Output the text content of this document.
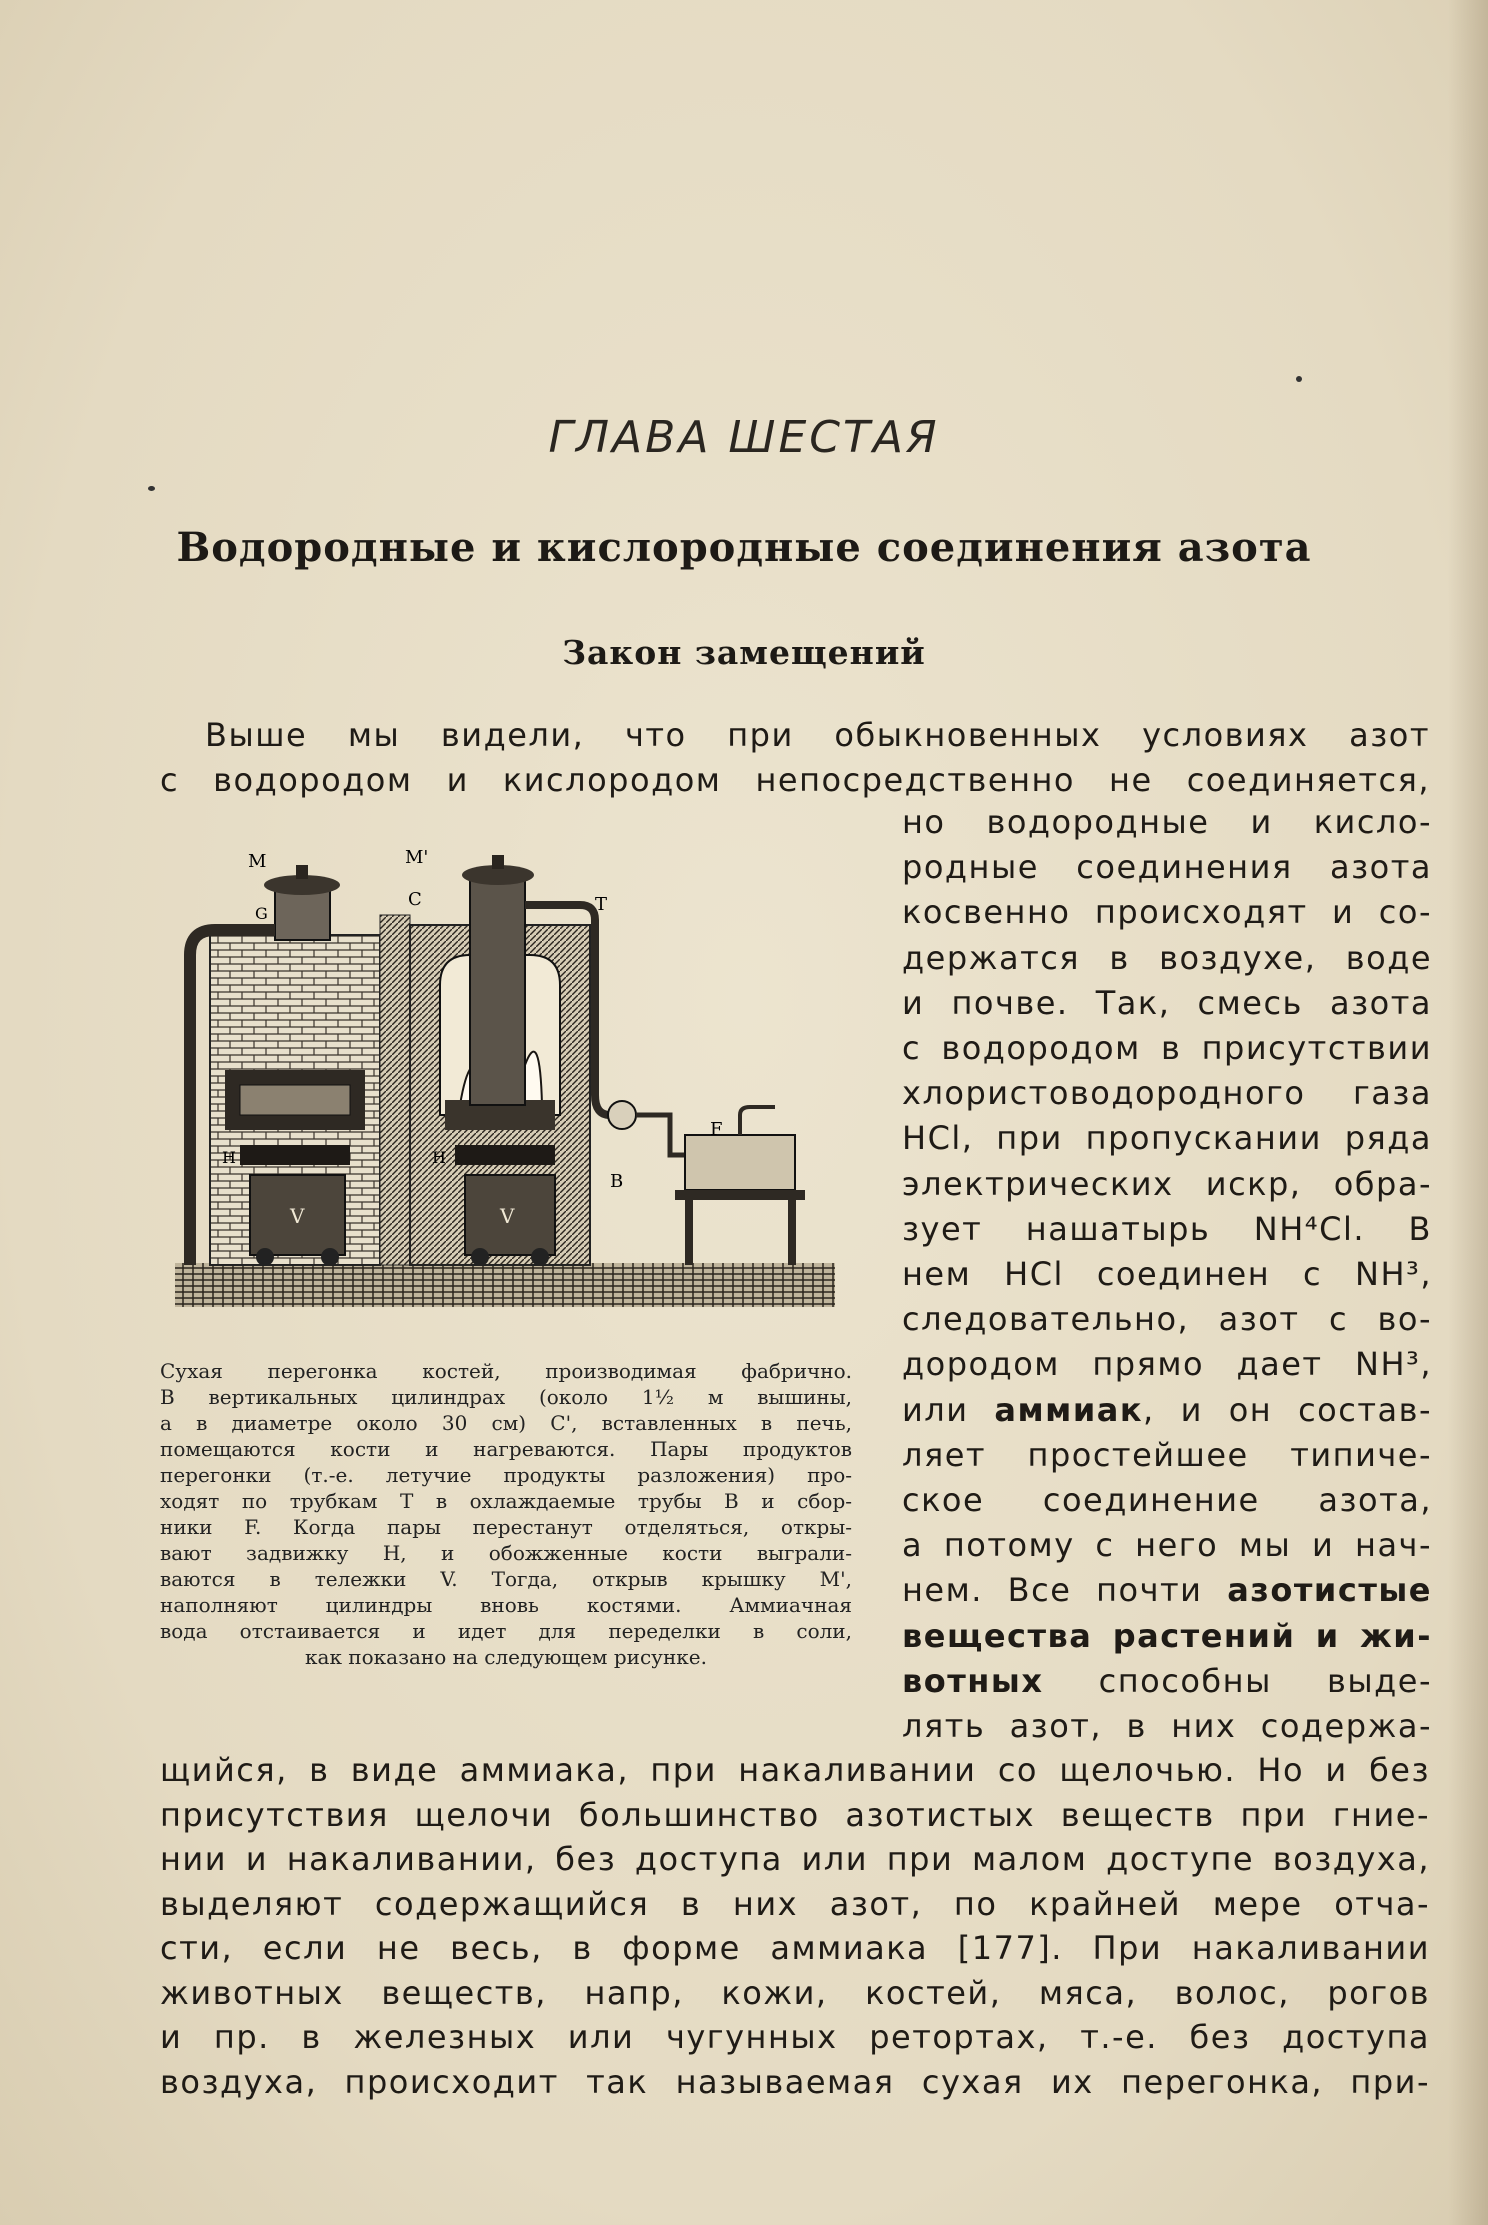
ГЛАВА ШЕСТАЯ
Водородные и кислородные соединения азота
Закон замещений
Выше мы видели, что при обыкновенных условиях азот
с водородом и кислородом непосредственно не соединяется,
но водородные и кисло-
родные соединения азота
косвенно происходят и со-
держатся в воздухе, воде
и почве. Так, смесь азота
с водородом в присутствии
хлористоводородного газа
HCl, при пропускании ряда
электрических искр, обра-
зует нашатырь NH⁴Cl. В
нем HCl соединен с NH³,
следовательно, азот с во-
дородом прямо дает NH³,
или аммиак, и он состав-
ляет простейшее типиче-
ское соединение азота,
а потому с него мы и нач-
нем. Все почти азотистые
вещества растений и жи-
вотных способны выде-
лять азот, в них содержа-
M	M'
C	T
G
F
B
H	H
V	V
Сухая перегонка костей, производимая фабрично.
В вертикальных цилиндрах (около 1½ м вышины,
а в диаметре около 30 см) C', вставленных в печь,
помещаются кости и нагреваются. Пары продуктов
перегонки (т.-е. летучие продукты разложения) про-
ходят по трубкам T в охлаждаемые трубы B и сбор-
ники F. Когда пары перестанут отделяться, откры-
вают задвижку H, и обожженные кости выграли-
ваются в тележки V. Тогда, открыв крышку M',
наполняют цилиндры вновь костями. Аммиачная
вода отстаивается и идет для переделки в соли,
как показано на следующем рисунке.
щийся, в виде аммиака, при накаливании со щелочью. Но и без
присутствия щелочи большинство азотистых веществ при гние-
нии и накаливании, без доступа или при малом доступе воздуха,
выделяют содержащийся в них азот, по крайней мере отча-
сти, если не весь, в форме аммиака [177]. При накаливании
животных веществ, напр, кожи, костей, мяса, волос, рогов
и пр. в железных или чугунных ретортах, т.-е. без доступа
воздуха, происходит так называемая сухая их перегонка, при-
